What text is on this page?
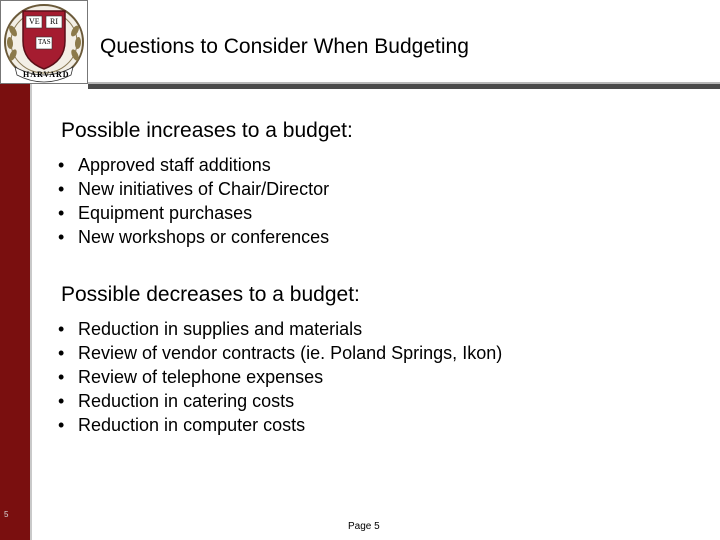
VE RI
TAS
HARVARD
Questions to Consider When Budgeting
5
Possible increases to a budget:
• Approved staff additions
• New initiatives of Chair/Director
• Equipment purchases
• New workshops or conferences
Possible decreases to a budget:
• Reduction in supplies and materials
• Review of vendor contracts (ie. Poland Springs, Ikon)
• Review of telephone expenses
• Reduction in catering costs
• Reduction in computer costs
Page 5
